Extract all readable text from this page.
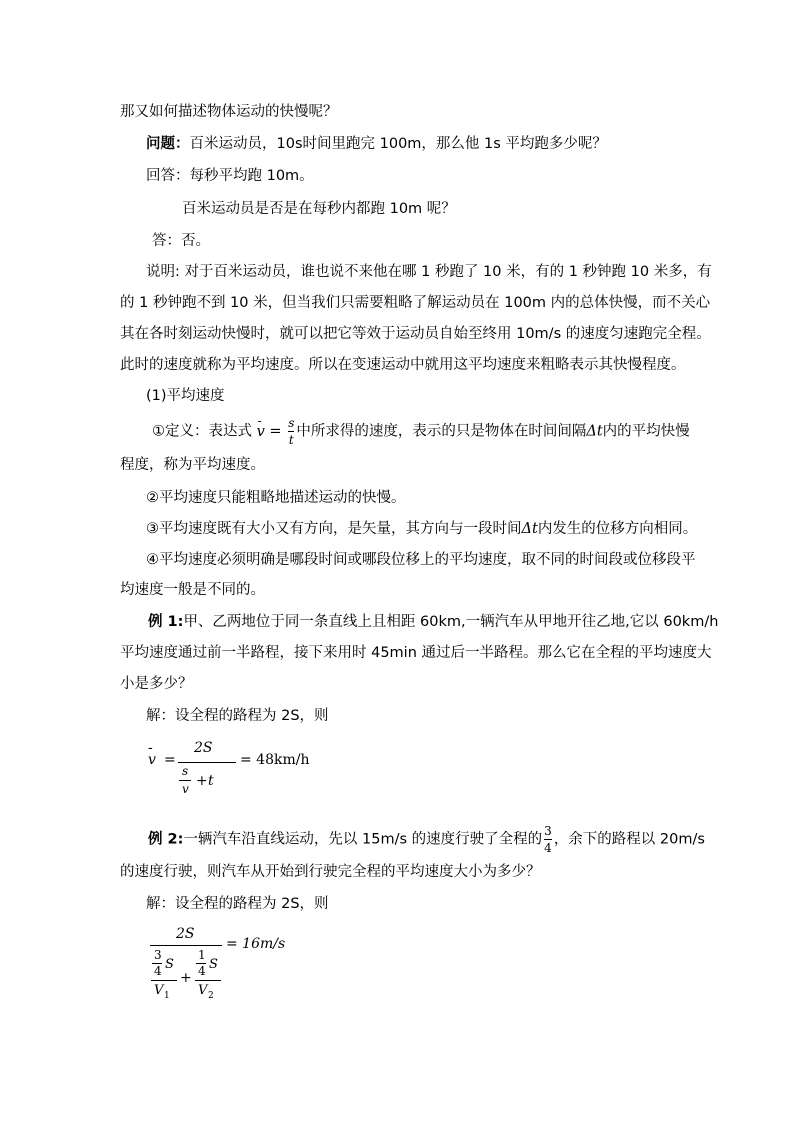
那又如何描述物体运动的快慢呢？
问题：百米运动员，10s时间里跑完 100m，那么他 1s 平均跑多少呢？
回答：每秒平均跑 10m。
百米运动员是否是在每秒内都跑 10m 呢？
答：否。
说明: 对于百米运动员，谁也说不来他在哪 1 秒跑了 10 米，有的 1 秒钟跑 10 米多，有
的 1 秒钟跑不到 10 米，但当我们只需要粗略了解运动员在 100m 内的总体快慢，而不关心
其在各时刻运动快慢时，就可以把它等效于运动员自始至终用 10m/s 的速度匀速跑完全程。
此时的速度就称为平均速度。所以在变速运动中就用这平均速度来粗略表示其快慢程度。
(1)平均速度
①定义：表达式 - $v = \frac{s}{t}$ 中所求得的速度，表示的只是物体在时间间隔Δt内的平均快慢
程度，称为平均速度。
②平均速度只能粗略地描述运动的快慢。
③平均速度既有大小又有方向，是矢量，其方向与一段时间Δt内发生的位移方向相同。
④平均速度必须明确是哪段时间或哪段位移上的平均速度，取不同的时间段或位移段平
均速度一般是不同的。
例 1:甲、乙两地位于同一条直线上且相距 60km,一辆汽车从甲地开往乙地,它以 60km/h
平均速度通过前一半路程，接下来用时 45min 通过后一半路程。那么它在全程的平均速度大
小是多少？
解：设全程的路程为 2S，则
-
v =
2S
s
v + t
= 48km/h
例 2:一辆汽车沿直线运动，先以 15m/s 的速度行驶了全程的 $\frac{3}{4}$ ，余下的路程以 20m/s
的速度行驶，则汽车从开始到行驶完全程的平均速度大小为多少？
解：设全程的路程为 2S，则
2S
3
4 S
V 1
+
1
4 S
V 2
= 16m/s
